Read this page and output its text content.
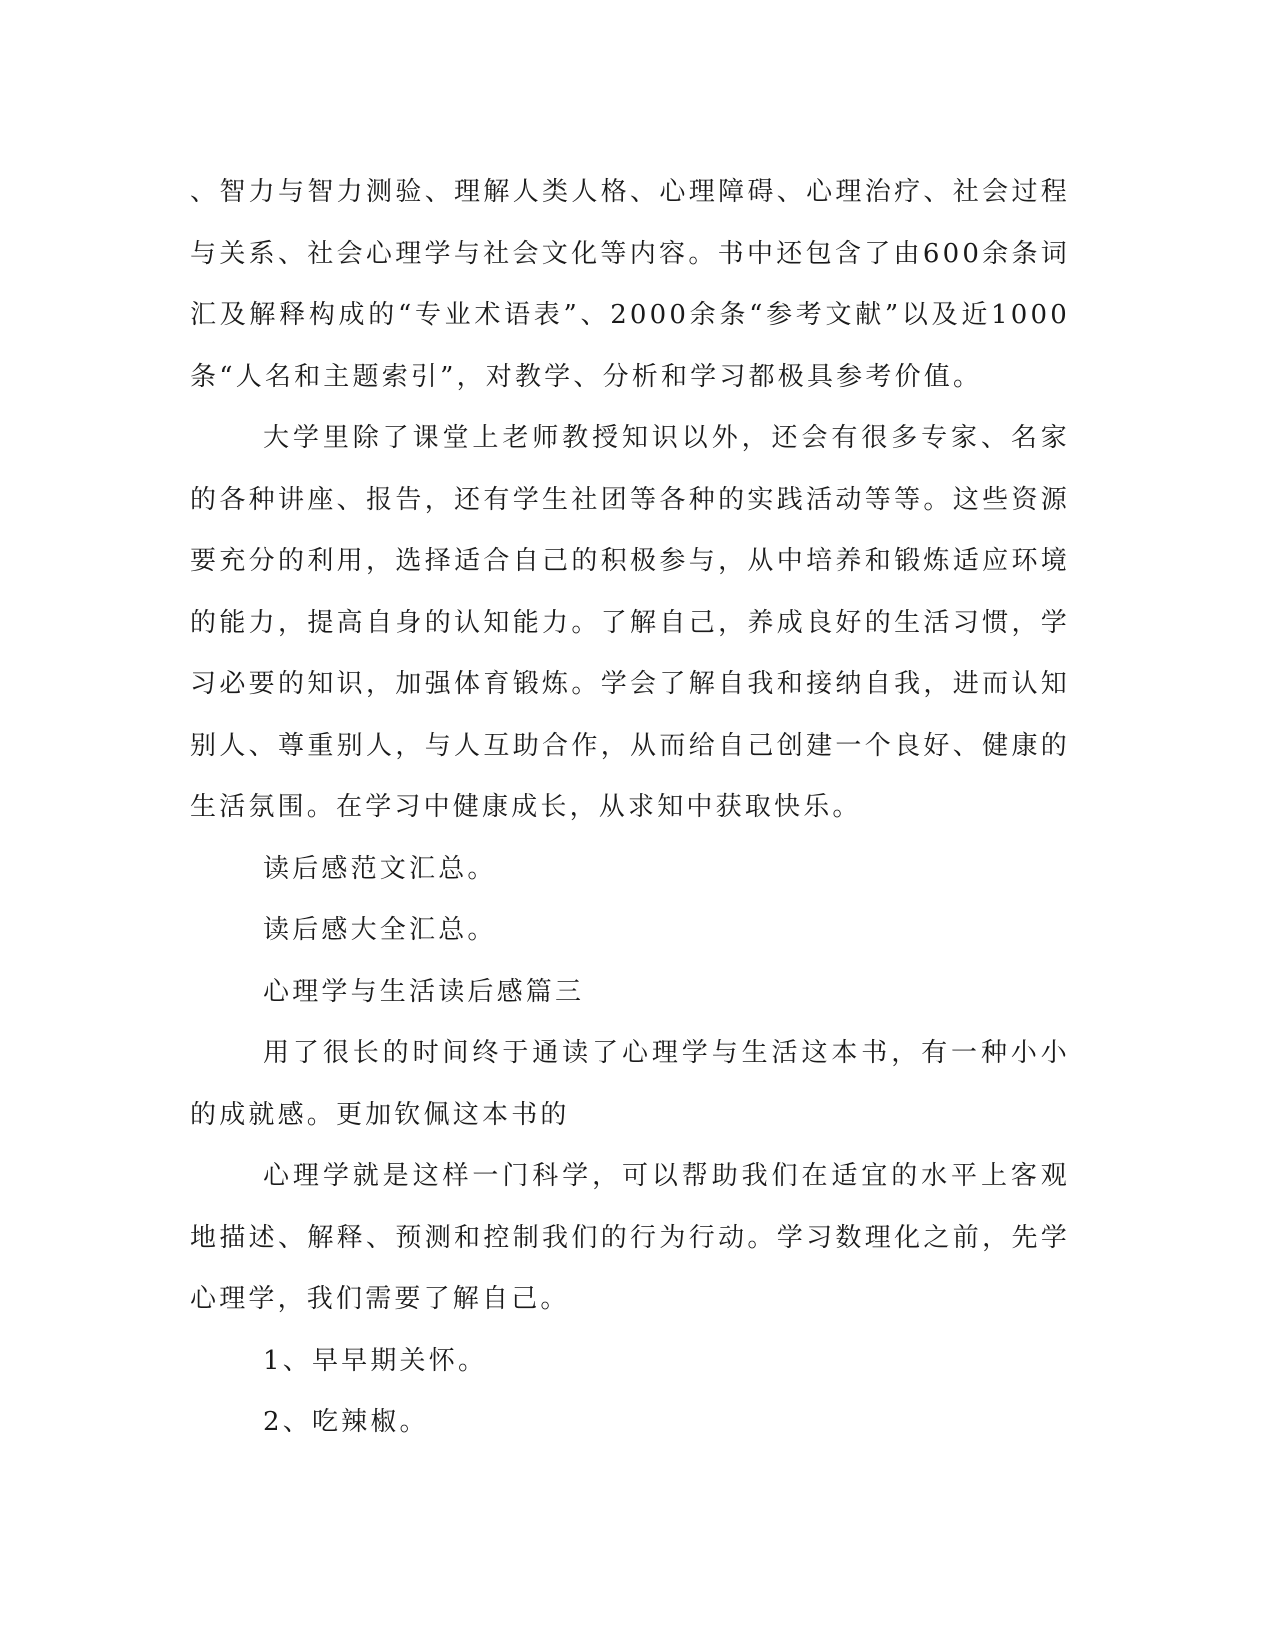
、智力与智力测验、理解人类人格、心理障碍、心理治疗、社会过程与关系、社会心理学与社会文化等内容。书中还包含了由600余条词汇及解释构成的“专业术语表”、2000余条“参考文献”以及近1000条“人名和主题索引”，对教学、分析和学习都极具参考价值。

大学里除了课堂上老师教授知识以外，还会有很多专家、名家的各种讲座、报告，还有学生社团等各种的实践活动等等。这些资源要充分的利用，选择适合自己的积极参与，从中培养和锻炼适应环境的能力，提高自身的认知能力。了解自己，养成良好的生活习惯，学习必要的知识，加强体育锻炼。学会了解自我和接纳自我，进而认知别人、尊重别人，与人互助合作，从而给自己创建一个良好、健康的生活氛围。在学习中健康成长，从求知中获取快乐。

读后感范文汇总。

读后感大全汇总。

心理学与生活读后感篇三

用了很长的时间终于通读了心理学与生活这本书，有一种小小的成就感。更加钦佩这本书的

心理学就是这样一门科学，可以帮助我们在适宜的水平上客观地描述、解释、预测和控制我们的行为行动。学习数理化之前，先学心理学，我们需要了解自己。

1、早早期关怀。

2、吃辣椒。
